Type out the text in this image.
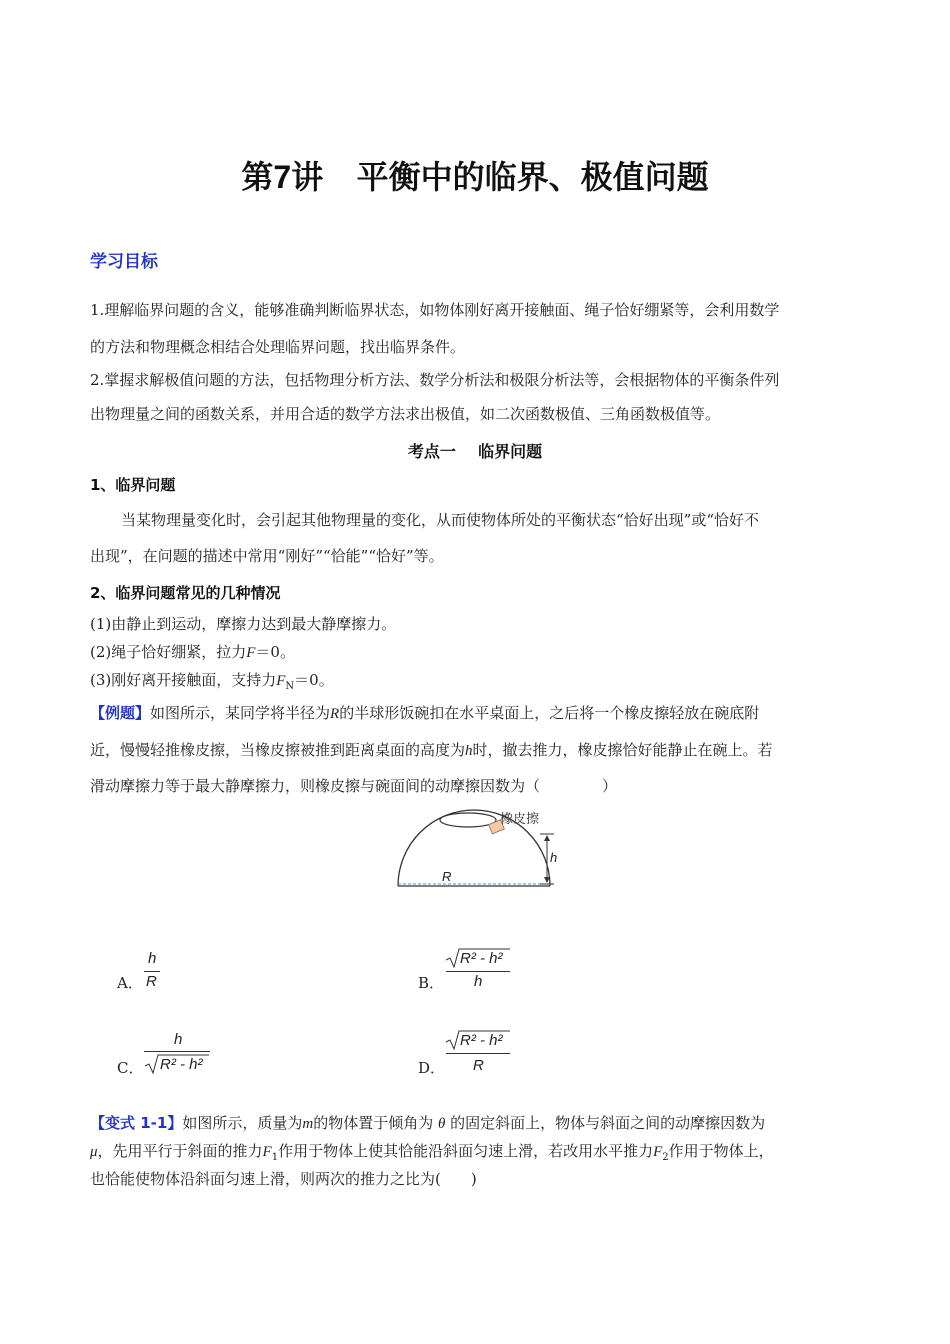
第7讲   平衡中的临界、极值问题
学习目标
1.理解临界问题的含义，能够准确判断临界状态，如物体刚好离开接触面、绳子恰好绷紧等，会利用数学
的方法和物理概念相结合处理临界问题，找出临界条件。
2.掌握求解极值问题的方法，包括物理分析方法、数学分析法和极限分析法等，会根据物体的平衡条件列
出物理量之间的函数关系，并用合适的数学方法求出极值，如二次函数极值、三角函数极值等。
考点一    临界问题
1、临界问题
当某物理量变化时，会引起其他物理量的变化，从而使物体所处的平衡状态“恰好出现”或“恰好不
出现”，在问题的描述中常用“刚好”“恰能”“恰好”等。
2、临界问题常见的几种情况
(1)由静止到运动，摩擦力达到最大静摩擦力。
(2)绳子恰好绷紧，拉力F＝0。
(3)刚好离开接触面，支持力$F_N=0$。
【例题】如图所示，某同学将半径为R的半球形饭碗扣在水平桌面上，之后将一个橡皮擦轻放在碗底附
近，慢慢轻推橡皮擦，当橡皮擦被推到距离桌面的高度为h时，撤去推力，橡皮擦恰好能静止在碗上。若
滑动摩擦力等于最大静摩擦力，则橡皮擦与碗面间的动摩擦因数为（             ）
橡皮擦
h
R
A．
h
R	B．
R² - h²
h
C．
h
R² - h²	D．
R² - h²
R
【变式 1-1】如图所示，质量为m的物体置于倾角为 θ 的固定斜面上，物体与斜面之间的动摩擦因数为
μ，先用平行于斜面的推力$F_1$作用于物体上使其恰能沿斜面匀速上滑，若改用水平推力$F_2$作用于物体上，
也恰能使物体沿斜面匀速上滑，则两次的推力之比为(　　)
